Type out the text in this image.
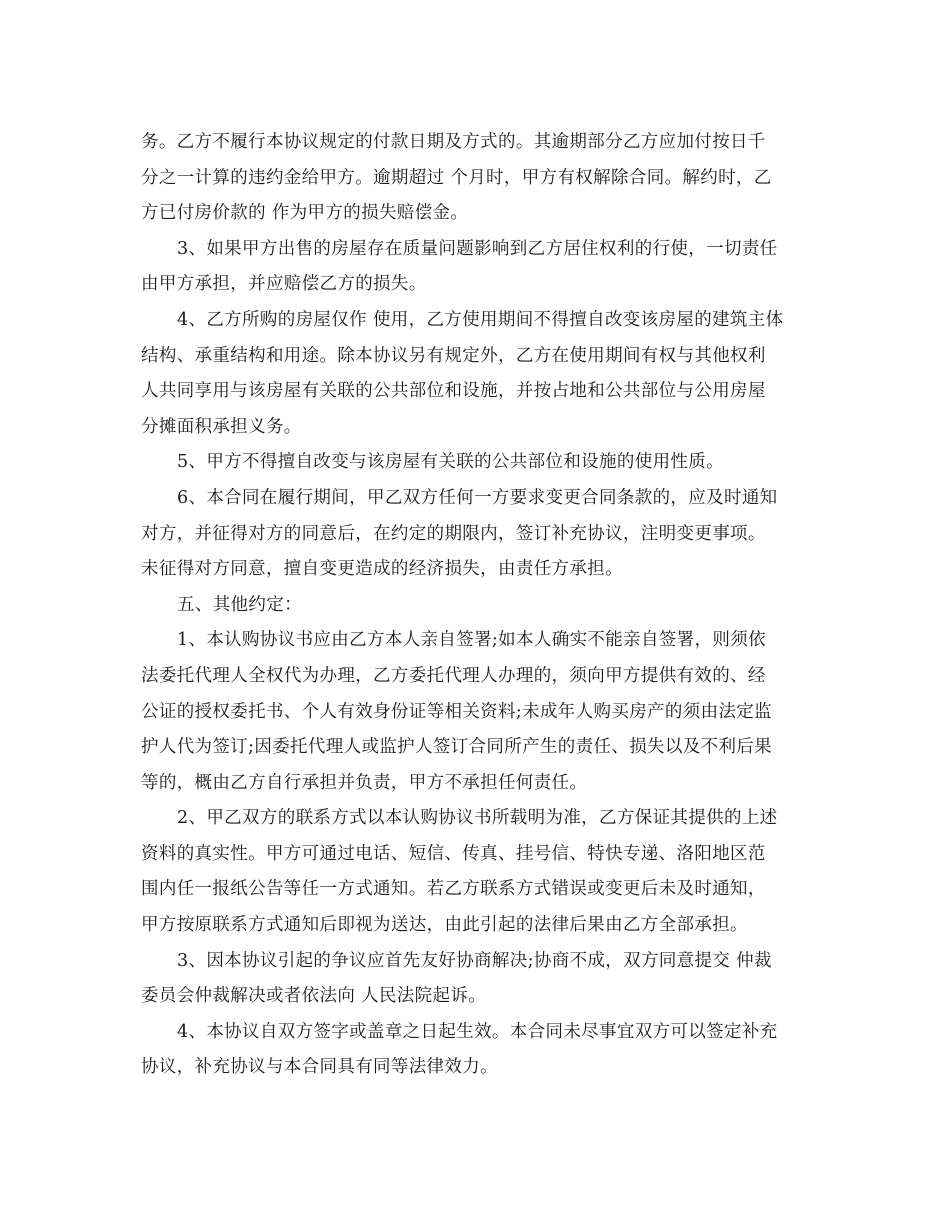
务。乙方不履行本协议规定的付款日期及方式的。其逾期部分乙方应加付按日千
分之一计算的违约金给甲方。逾期超过 个月时，甲方有权解除合同。解约时，乙
方已付房价款的 作为甲方的损失赔偿金。
3、如果甲方出售的房屋存在质量问题影响到乙方居住权利的行使，一切责任
由甲方承担，并应赔偿乙方的损失。
4、乙方所购的房屋仅作 使用，乙方使用期间不得擅自改变该房屋的建筑主体
结构、承重结构和用途。除本协议另有规定外，乙方在使用期间有权与其他权利
人共同享用与该房屋有关联的公共部位和设施，并按占地和公共部位与公用房屋
分摊面积承担义务。
5、甲方不得擅自改变与该房屋有关联的公共部位和设施的使用性质。
6、本合同在履行期间，甲乙双方任何一方要求变更合同条款的，应及时通知
对方，并征得对方的同意后，在约定的期限内，签订补充协议，注明变更事项。
未征得对方同意，擅自变更造成的经济损失，由责任方承担。
五、其他约定：
1、本认购协议书应由乙方本人亲自签署;如本人确实不能亲自签署，则须依
法委托代理人全权代为办理，乙方委托代理人办理的，须向甲方提供有效的、经
公证的授权委托书、个人有效身份证等相关资料;未成年人购买房产的须由法定监
护人代为签订;因委托代理人或监护人签订合同所产生的责任、损失以及不利后果
等的，概由乙方自行承担并负责，甲方不承担任何责任。
2、甲乙双方的联系方式以本认购协议书所载明为准，乙方保证其提供的上述
资料的真实性。甲方可通过电话、短信、传真、挂号信、特快专递、洛阳地区范
围内任一报纸公告等任一方式通知。若乙方联系方式错误或变更后未及时通知，
甲方按原联系方式通知后即视为送达，由此引起的法律后果由乙方全部承担。
3、因本协议引起的争议应首先友好协商解决;协商不成，双方同意提交 仲裁
委员会仲裁解决或者依法向 人民法院起诉。
4、本协议自双方签字或盖章之日起生效。本合同未尽事宜双方可以签定补充
协议，补充协议与本合同具有同等法律效力。
